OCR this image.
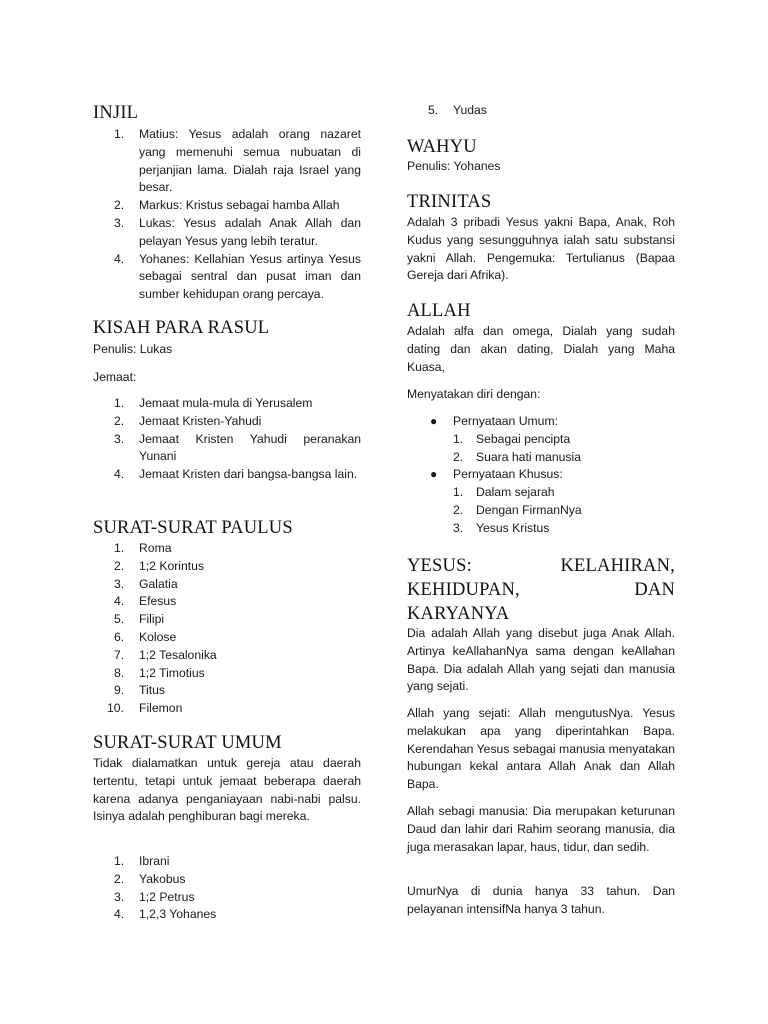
INJIL
1.	Matius: Yesus adalah orang nazaret yang memenuhi semua nubuatan di perjanjian lama. Dialah raja Israel yang besar.
2.	Markus: Kristus sebagai hamba Allah
3.	Lukas: Yesus adalah Anak Allah dan pelayan Yesus yang lebih teratur.
4.	Yohanes: Kellahian Yesus artinya Yesus sebagai sentral dan pusat iman dan sumber kehidupan orang percaya.
KISAH PARA RASUL

Penulis: Lukas

Jemaat:

1.	Jemaat mula-mula di Yerusalem
2.	Jemaat Kristen-Yahudi
3.	Jemaat Kristen Yahudi peranakan Yunani
4.	Jemaat Kristen dari bangsa-bangsa lain.
SURAT-SURAT PAULUS
1.	Roma
2.	1;2 Korintus
3.	Galatia
4.	Efesus
5.	Filipi
6.	Kolose
7.	1;2 Tesalonika
8.	1;2 Timotius
9.	Titus
10.	Filemon
SURAT-SURAT UMUM

Tidak dialamatkan untuk gereja atau daerah tertentu, tetapi untuk jemaat beberapa daerah karena adanya penganiayaan nabi-nabi palsu. Isinya adalah penghiburan bagi mereka.

1.	Ibrani
2.	Yakobus
3.	1;2 Petrus
4.	1,2,3 Yohanes
5.	Yudas
WAHYU

Penulis: Yohanes

TRINITAS

Adalah 3 pribadi Yesus yakni Bapa, Anak, Roh Kudus yang sesungguhnya ialah satu substansi yakni Allah. Pengemuka: Tertulianus (Bapaa Gereja dari Afrika).

ALLAH

Adalah alfa dan omega, Dialah yang sudah dating dan akan dating, Dialah yang Maha Kuasa,

Menyatakan diri dengan:

● Pernyataan Umum:
1.	Sebagai pencipta
2.	Suara hati manusia
● Pernyataan Khusus:
1.	Dalam sejarah
2.	Dengan FirmanNya
3.	Yesus Kristus
YESUS: KELAHIRAN,
KEHIDUPAN, DAN
KARYANYA

Dia adalah Allah yang disebut juga Anak Allah. Artinya keAllahanNya sama dengan keAllahan Bapa. Dia adalah Allah yang sejati dan manusia yang sejati.

Allah yang sejati: Allah mengutusNya. Yesus melakukan apa yang diperintahkan Bapa. Kerendahan Yesus sebagai manusia menyatakan hubungan kekal antara Allah Anak dan Allah Bapa.

Allah sebagi manusia: Dia merupakan keturunan Daud dan lahir dari Rahim seorang manusia, dia juga merasakan lapar, haus, tidur, dan sedih.

UmurNya di dunia hanya 33 tahun. Dan pelayanan intensifNa hanya 3 tahun.
